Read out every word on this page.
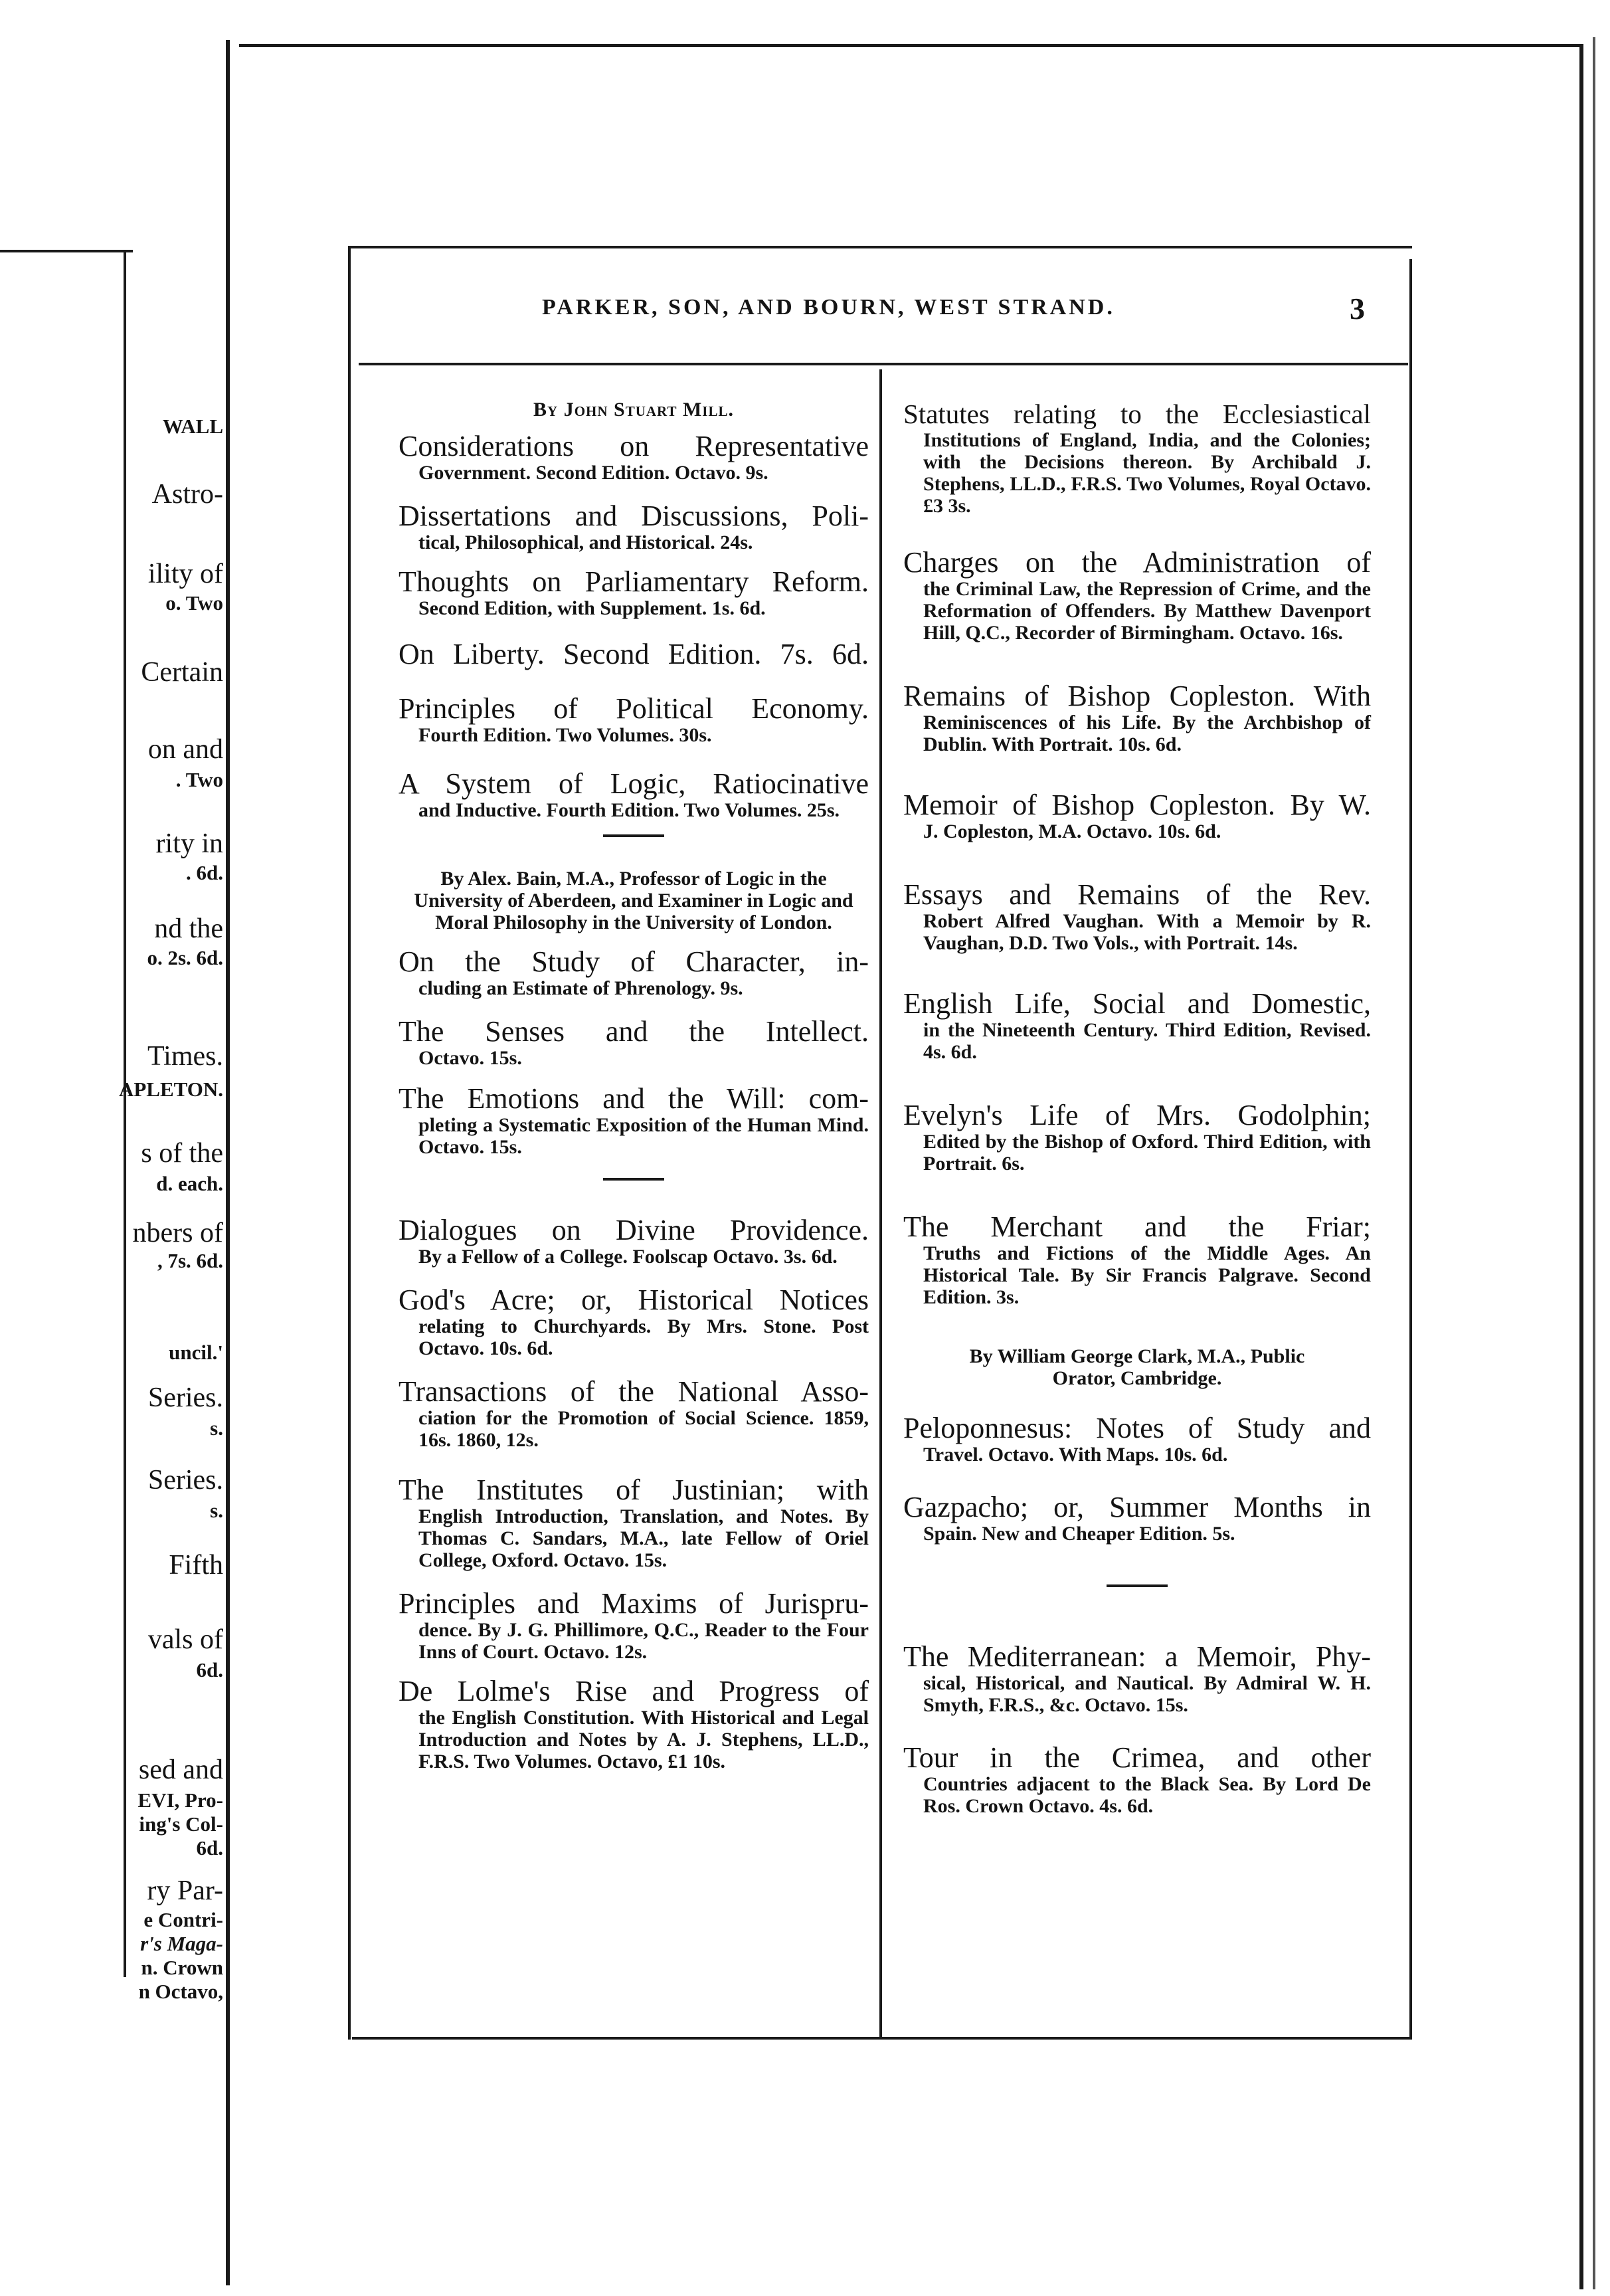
WALL
Astro-
ility of
o. Two
Certain
on and
. Two
rity in
. 6d.
nd the
o. 2s. 6d.
Times.
APLETON.
s of the
d. each.
nbers of
, 7s. 6d.
uncil.'
Series.
s.
Series.
s.
Fifth
vals of
6d.
sed and
EVI, Pro-
ing's Col-
6d.
ry Par-
e Contri-
r's Maga-
n. Crown
n Octavo,
PARKER, SON, AND BOURN, WEST STRAND.	3
By John Stuart Mill.
Considerations on Representative
Government. Second Edition. Octavo. 9s.
Dissertations and Discussions, Poli-
tical, Philosophical, and Historical. 24s.
Thoughts on Parliamentary Reform.
Second Edition, with Supplement. 1s. 6d.
On Liberty. Second Edition. 7s. 6d.
Principles of Political Economy.
Fourth Edition. Two Volumes. 30s.
A System of Logic, Ratiocinative
and Inductive. Fourth Edition. Two Volumes. 25s.
By Alex. Bain, M.A., Professor of Logic in the University of Aberdeen, and Examiner in Logic and Moral Philosophy in the University of London.
On the Study of Character, in-
cluding an Estimate of Phrenology. 9s.
The Senses and the Intellect.
Octavo. 15s.
The Emotions and the Will: com-
pleting a Systematic Exposition of the Human Mind. Octavo. 15s.
Dialogues on Divine Providence.
By a Fellow of a College. Foolscap Octavo. 3s. 6d.
God's Acre; or, Historical Notices
relating to Churchyards. By Mrs. Stone. Post Octavo. 10s. 6d.
Transactions of the National Asso-
ciation for the Promotion of Social Science. 1859, 16s. 1860, 12s.
The Institutes of Justinian; with
English Introduction, Translation, and Notes. By Thomas C. Sandars, M.A., late Fellow of Oriel College, Oxford. Octavo. 15s.
Principles and Maxims of Jurispru-
dence. By J. G. Phillimore, Q.C., Reader to the Four Inns of Court. Octavo. 12s.
De Lolme's Rise and Progress of
the English Constitution. With Historical and Legal Introduction and Notes by A. J. Stephens, LL.D., F.R.S. Two Volumes. Octavo, £1 10s.
Statutes relating to the Ecclesiastical
Institutions of England, India, and the Colonies; with the Decisions thereon. By Archibald J. Stephens, LL.D., F.R.S. Two Volumes, Royal Octavo. £3 3s.
Charges on the Administration of
the Criminal Law, the Repression of Crime, and the Reformation of Offenders. By Matthew Davenport Hill, Q.C., Recorder of Birmingham. Octavo. 16s.
Remains of Bishop Copleston. With
Reminiscences of his Life. By the Archbishop of Dublin. With Portrait. 10s. 6d.
Memoir of Bishop Copleston. By W.
J. Copleston, M.A. Octavo. 10s. 6d.
Essays and Remains of the Rev.
Robert Alfred Vaughan. With a Memoir by R. Vaughan, D.D. Two Vols., with Portrait. 14s.
English Life, Social and Domestic,
in the Nineteenth Century. Third Edition, Revised. 4s. 6d.
Evelyn's Life of Mrs. Godolphin;
Edited by the Bishop of Oxford. Third Edition, with Portrait. 6s.
The Merchant and the Friar;
Truths and Fictions of the Middle Ages. An Historical Tale. By Sir Francis Palgrave. Second Edition. 3s.
By William George Clark, M.A., Public Orator, Cambridge.
Peloponnesus: Notes of Study and
Travel. Octavo. With Maps. 10s. 6d.
Gazpacho; or, Summer Months in
Spain. New and Cheaper Edition. 5s.
The Mediterranean: a Memoir, Phy-
sical, Historical, and Nautical. By Admiral W. H. Smyth, F.R.S., &c. Octavo. 15s.
Tour in the Crimea, and other
Countries adjacent to the Black Sea. By Lord De Ros. Crown Octavo. 4s. 6d.
